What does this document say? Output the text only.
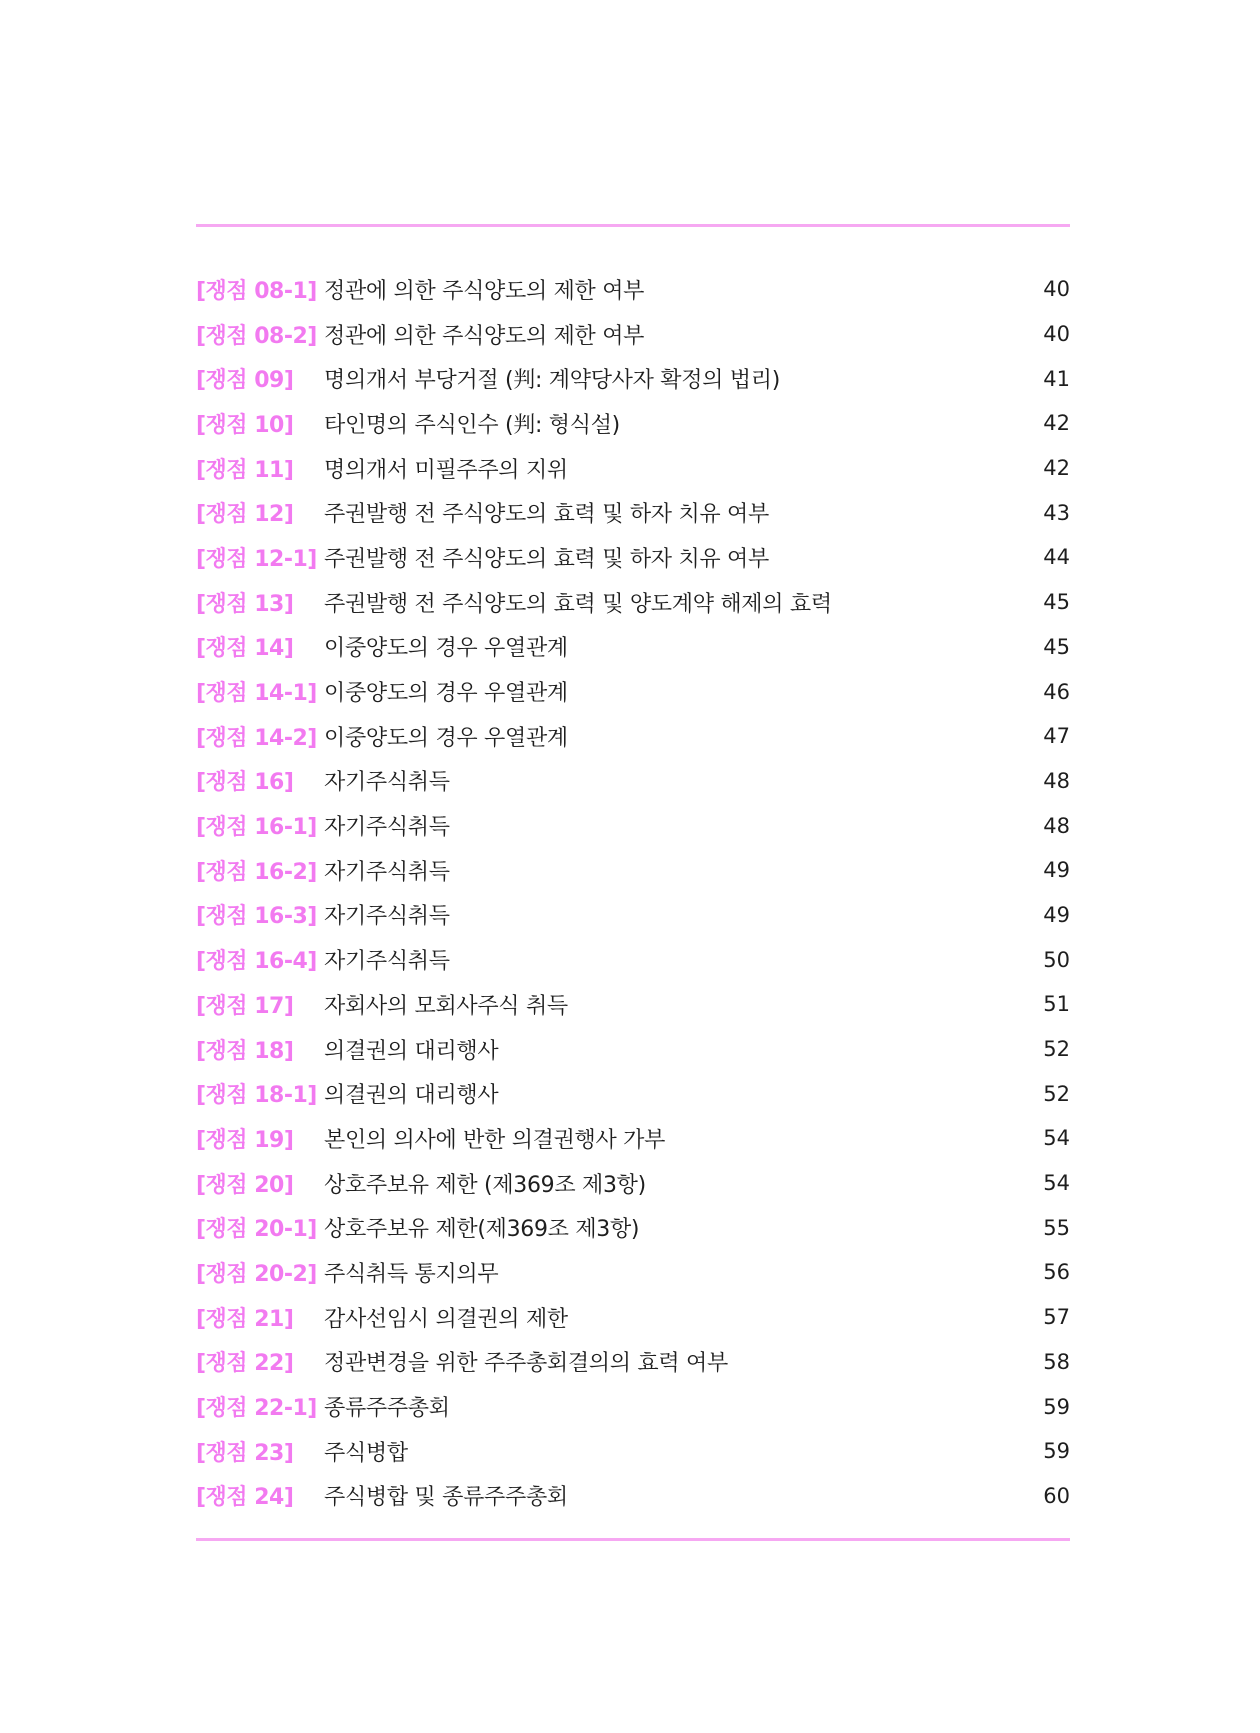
[쟁점 08-1] 정관에 의한 주식양도의 제한 여부	40
[쟁점 08-2] 정관에 의한 주식양도의 제한 여부	40
[쟁점 09]	명의개서 부당거절 (判: 계약당사자 확정의 법리)	41
[쟁점 10]	타인명의 주식인수 (判: 형식설)	42
[쟁점 11]	명의개서 미필주주의 지위	42
[쟁점 12]	주권발행 전 주식양도의 효력 및 하자 치유 여부	43
[쟁점 12-1] 주권발행 전 주식양도의 효력 및 하자 치유 여부	44
[쟁점 13]	주권발행 전 주식양도의 효력 및 양도계약 해제의 효력	45
[쟁점 14]	이중양도의 경우 우열관계	45
[쟁점 14-1] 이중양도의 경우 우열관계	46
[쟁점 14-2] 이중양도의 경우 우열관계	47
[쟁점 16]	자기주식취득	48
[쟁점 16-1] 자기주식취득	48
[쟁점 16-2] 자기주식취득	49
[쟁점 16-3] 자기주식취득	49
[쟁점 16-4] 자기주식취득	50
[쟁점 17]	자회사의 모회사주식 취득	51
[쟁점 18]	의결권의 대리행사	52
[쟁점 18-1] 의결권의 대리행사	52
[쟁점 19]	본인의 의사에 반한 의결권행사 가부	54
[쟁점 20]	상호주보유 제한 (제369조 제3항)	54
[쟁점 20-1] 상호주보유 제한(제369조 제3항)	55
[쟁점 20-2] 주식취득 통지의무	56
[쟁점 21]	감사선임시 의결권의 제한	57
[쟁점 22]	정관변경을 위한 주주총회결의의 효력 여부	58
[쟁점 22-1] 종류주주총회	59
[쟁점 23]	주식병합	59
[쟁점 24]	주식병합 및 종류주주총회	60
